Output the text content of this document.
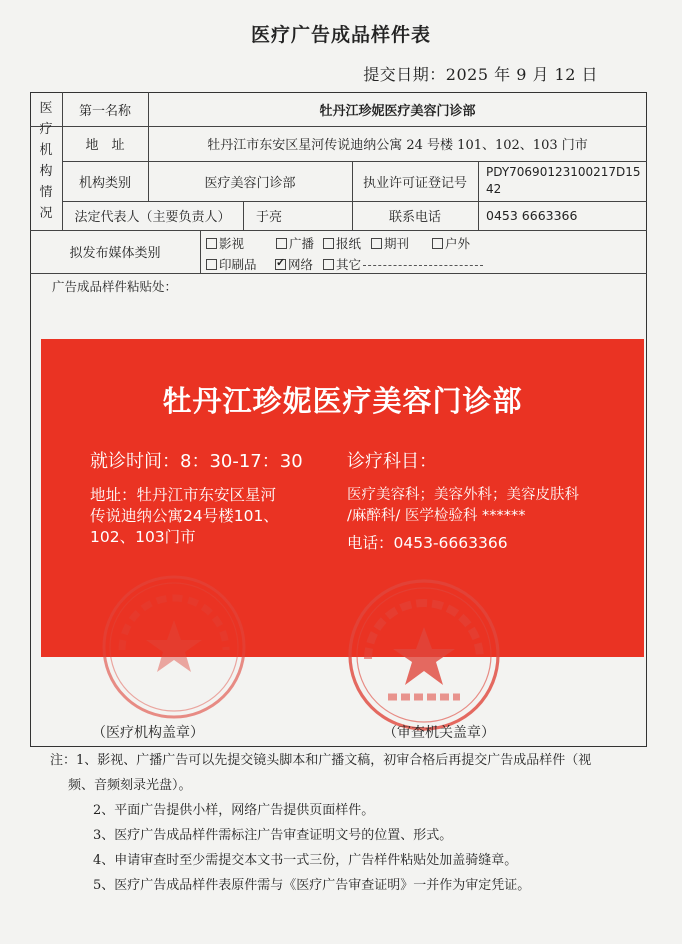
医疗广告成品样件表
提交日期：2025 年 9 月 12 日
医
疗
机
构
情
况
第一名称	牡丹江珍妮医疗美容门诊部
地　址	牡丹江市东安区星河传说迪纳公寓 24 号楼 101、102、103 门市
机构类别	医疗美容门诊部	执业许可证登记号
PDY70690123100217D15
42
法定代表人（主要负责人）	于亮	联系电话	0453 6663366
拟发布媒体类别
影视	广播	报纸	期刊	户外
印刷品
✓	网络	其它
广告成品样件粘贴处：
牡丹江珍妮医疗美容门诊部
就诊时间：8：30-17：30
地址：牡丹江市东安区星河
传说迪纳公寓24号楼101、
102、103门市
诊疗科目：
医疗美容科；美容外科；美容皮肤科
/麻醉科/ 医学检验科 ******
电话：0453-6663366
（医疗机构盖章）	（审查机关盖章）
注：1、影视、广播广告可以先提交镜头脚本和广播文稿，初审合格后再提交广告成品样件（视
频、音频刻录光盘）。
2、平面广告提供小样，网络广告提供页面样件。
3、医疗广告成品样件需标注广告审查证明文号的位置、形式。
4、申请审查时至少需提交本文书一式三份，广告样件粘贴处加盖骑缝章。
5、医疗广告成品样件表原件需与《医疗广告审查证明》一并作为审定凭证。
